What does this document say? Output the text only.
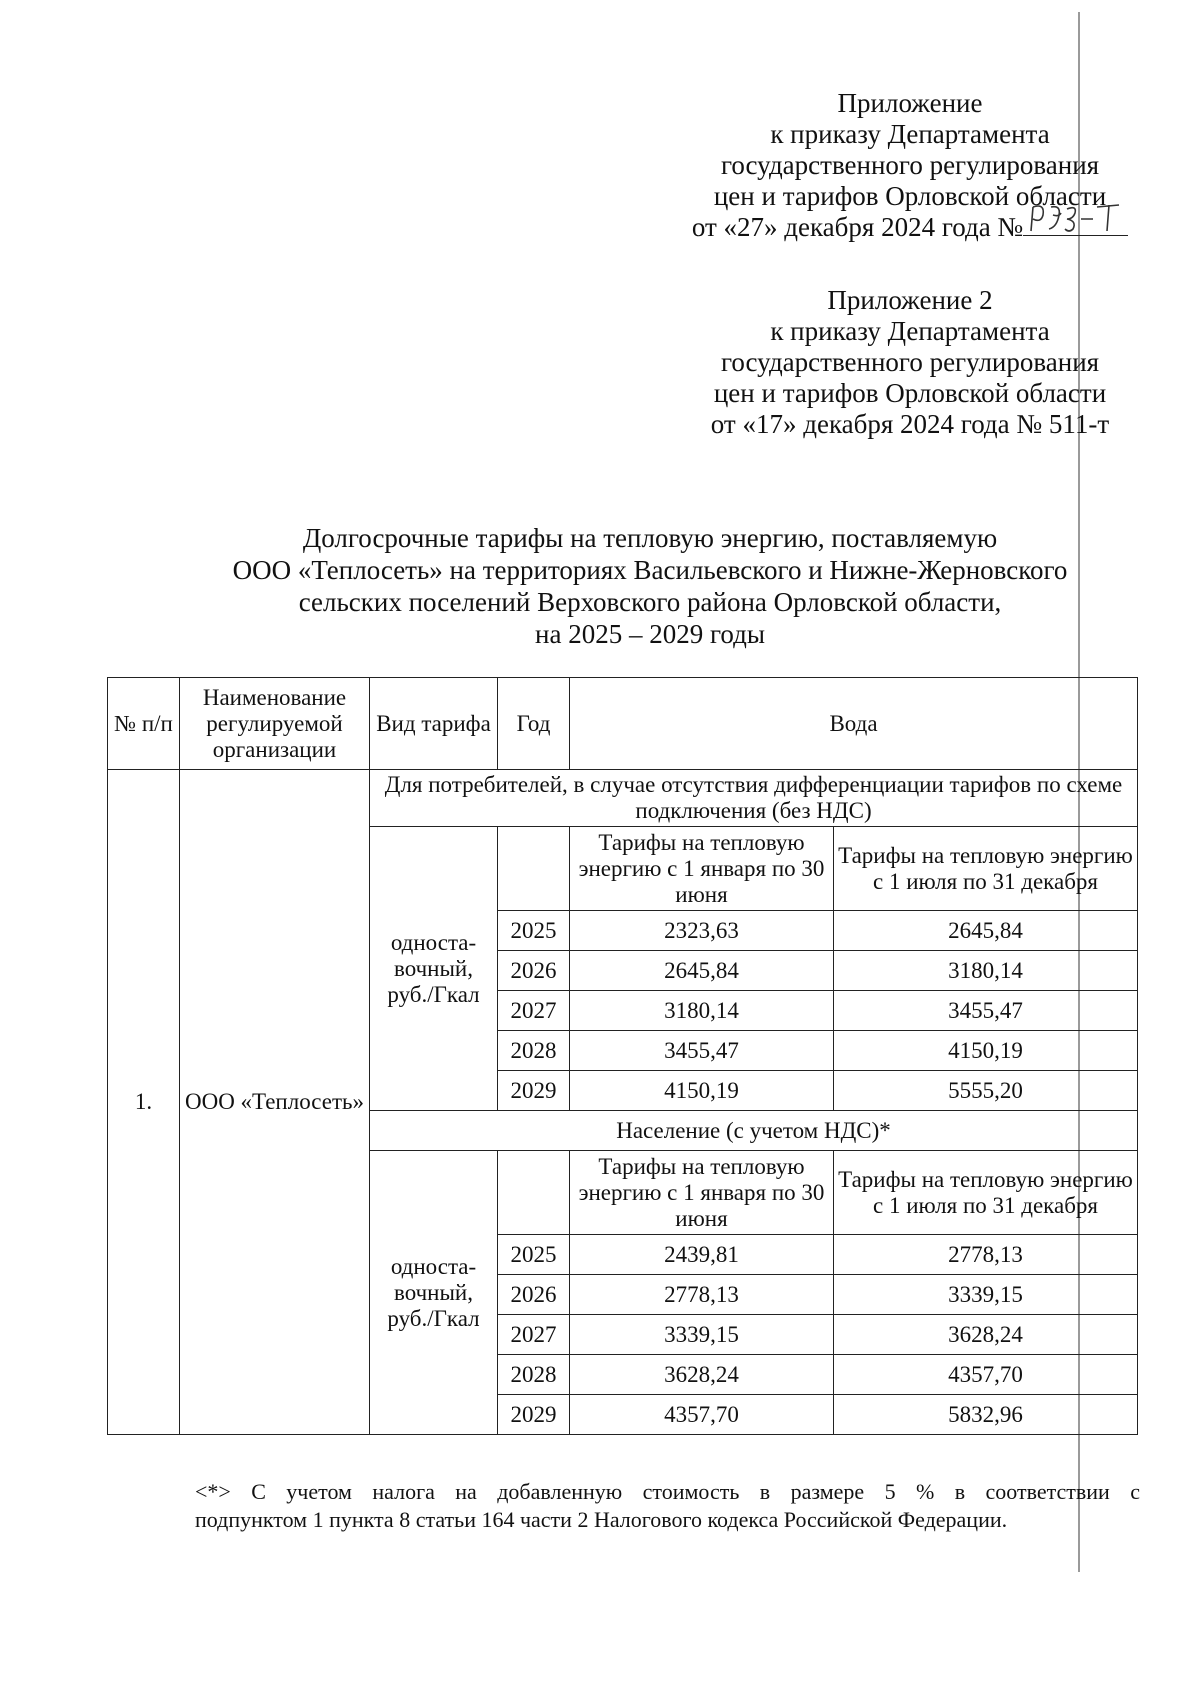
Приложение
к приказу Департамента
государственного регулирования
цен и тарифов Орловской области
от «27» декабря 2024 года №
Приложение 2
к приказу Департамента
государственного регулирования
цен и тарифов Орловской области
от «17» декабря 2024 года № 511-т
Долгосрочные тарифы на тепловую энергию, поставляемую
ООО «Теплосеть» на территориях Васильевского и Нижне-Жерновского
сельских поселений Верховского района Орловской области,
на 2025 – 2029 годы
№ п/п	Наименование регулируемой организации	Вид тарифа	Год	Вода	
1.	ООО «Теплосеть»	Для потребителей, в случае отсутствия дифференциации тарифов по схеме подключения (без НДС)			
		односта-вочный, руб./Гкал		Тарифы на тепловую энергию с 1 января по 30 июня	Тарифы на тепловую энергию с 1 июля по 31 декабря
			2025	2323,63	2645,84
			2026	2645,84	3180,14
			2027	3180,14	3455,47
			2028	3455,47	4150,19
			2029	4150,19	5555,20
		Население (с учетом НДС)*			
		односта-вочный, руб./Гкал		Тарифы на тепловую энергию с 1 января по 30 июня	Тарифы на тепловую энергию с 1 июля по 31 декабря
			2025	2439,81	2778,13
			2026	2778,13	3339,15
			2027	3339,15	3628,24
			2028	3628,24	4357,70
			2029	4357,70	5832,96
<*> С учетом налога на добавленную стоимость в размере 5 % в соответствии с
подпунктом 1 пункта 8 статьи 164 части 2 Налогового кодекса Российской Федерации.
